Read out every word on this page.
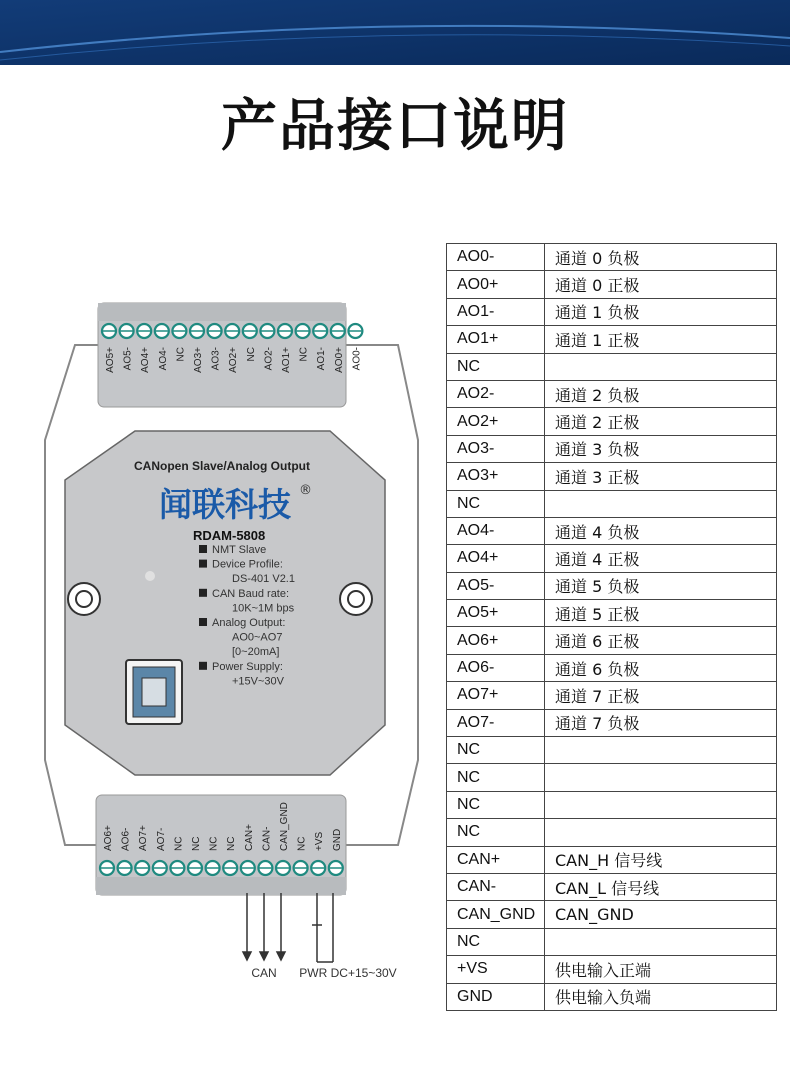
产品接口说明
AO5+ AO5- AO4+ AO4- NC AO3+ AO3- AO2+ NC AO2- AO1+ NC AO1- AO0+ AO0-
AO6+ AO6- AO7+ AO7- NC NC NC NC CAN+ CAN- CAN_GND NC +VS GND
CANopen Slave/Analog Output
闻联科技 ®
RDAM-5808
NMT Slave
Device Profile:
DS-401 V2.1
CAN Baud rate:
10K~1M bps
Analog Output:
AO0~AO7
[0~20mA]
Power Supply:
+15V~30V
CAN PWR DC+15~30V
AO0-	通道 0 负极
AO0+	通道 0 正极
AO1-	通道 1 负极
AO1+	通道 1 正极
NC	
AO2-	通道 2 负极
AO2+	通道 2 正极
AO3-	通道 3 负极
AO3+	通道 3 正极
NC	
AO4-	通道 4 负极
AO4+	通道 4 正极
AO5-	通道 5 负极
AO5+	通道 5 正极
AO6+	通道 6 正极
AO6-	通道 6 负极
AO7+	通道 7 正极
AO7-	通道 7 负极
NC	
NC	
NC	
NC	
CAN+	CAN_H 信号线
CAN-	CAN_L 信号线
CAN_GND	CAN_GND
NC	
+VS	供电输入正端
GND	供电输入负端
